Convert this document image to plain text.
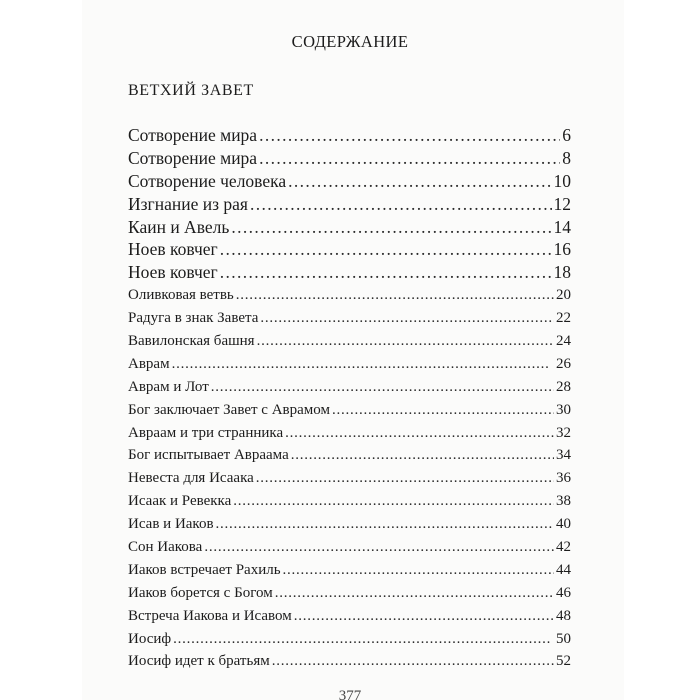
СОДЕРЖАНИЕ
ВЕТХИЙ ЗАВЕТ
Сотворение мира . . .	6
Сотворение мира . . .	8
Сотворение человека . . .	10
Изгнание из рая . . .	12
Каин и Авель . . .	14
Ноев ковчег . . .	16
Ноев ковчег . . .	18
Оливковая ветвь . . .	20
Радуга в знак Завета . . .	22
Вавилонская башня . . .	24
Аврам . . .	26
Аврам и Лот . . .	28
Бог заключает Завет с Аврамом . . .	30
Авраам и три странника . . .	32
Бог испытывает Авраама . . .	34
Невеста для Исаака . . .	36
Исаак и Ревекка . . .	38
Исав и Иаков . . .	40
Сон Иакова . . .	42
Иаков встречает Рахиль . . .	44
Иаков борется с Богом . . .	46
Встреча Иакова и Исавом . . .	48
Иосиф . . .	50
Иосиф идет к братьям . . .	52
377
